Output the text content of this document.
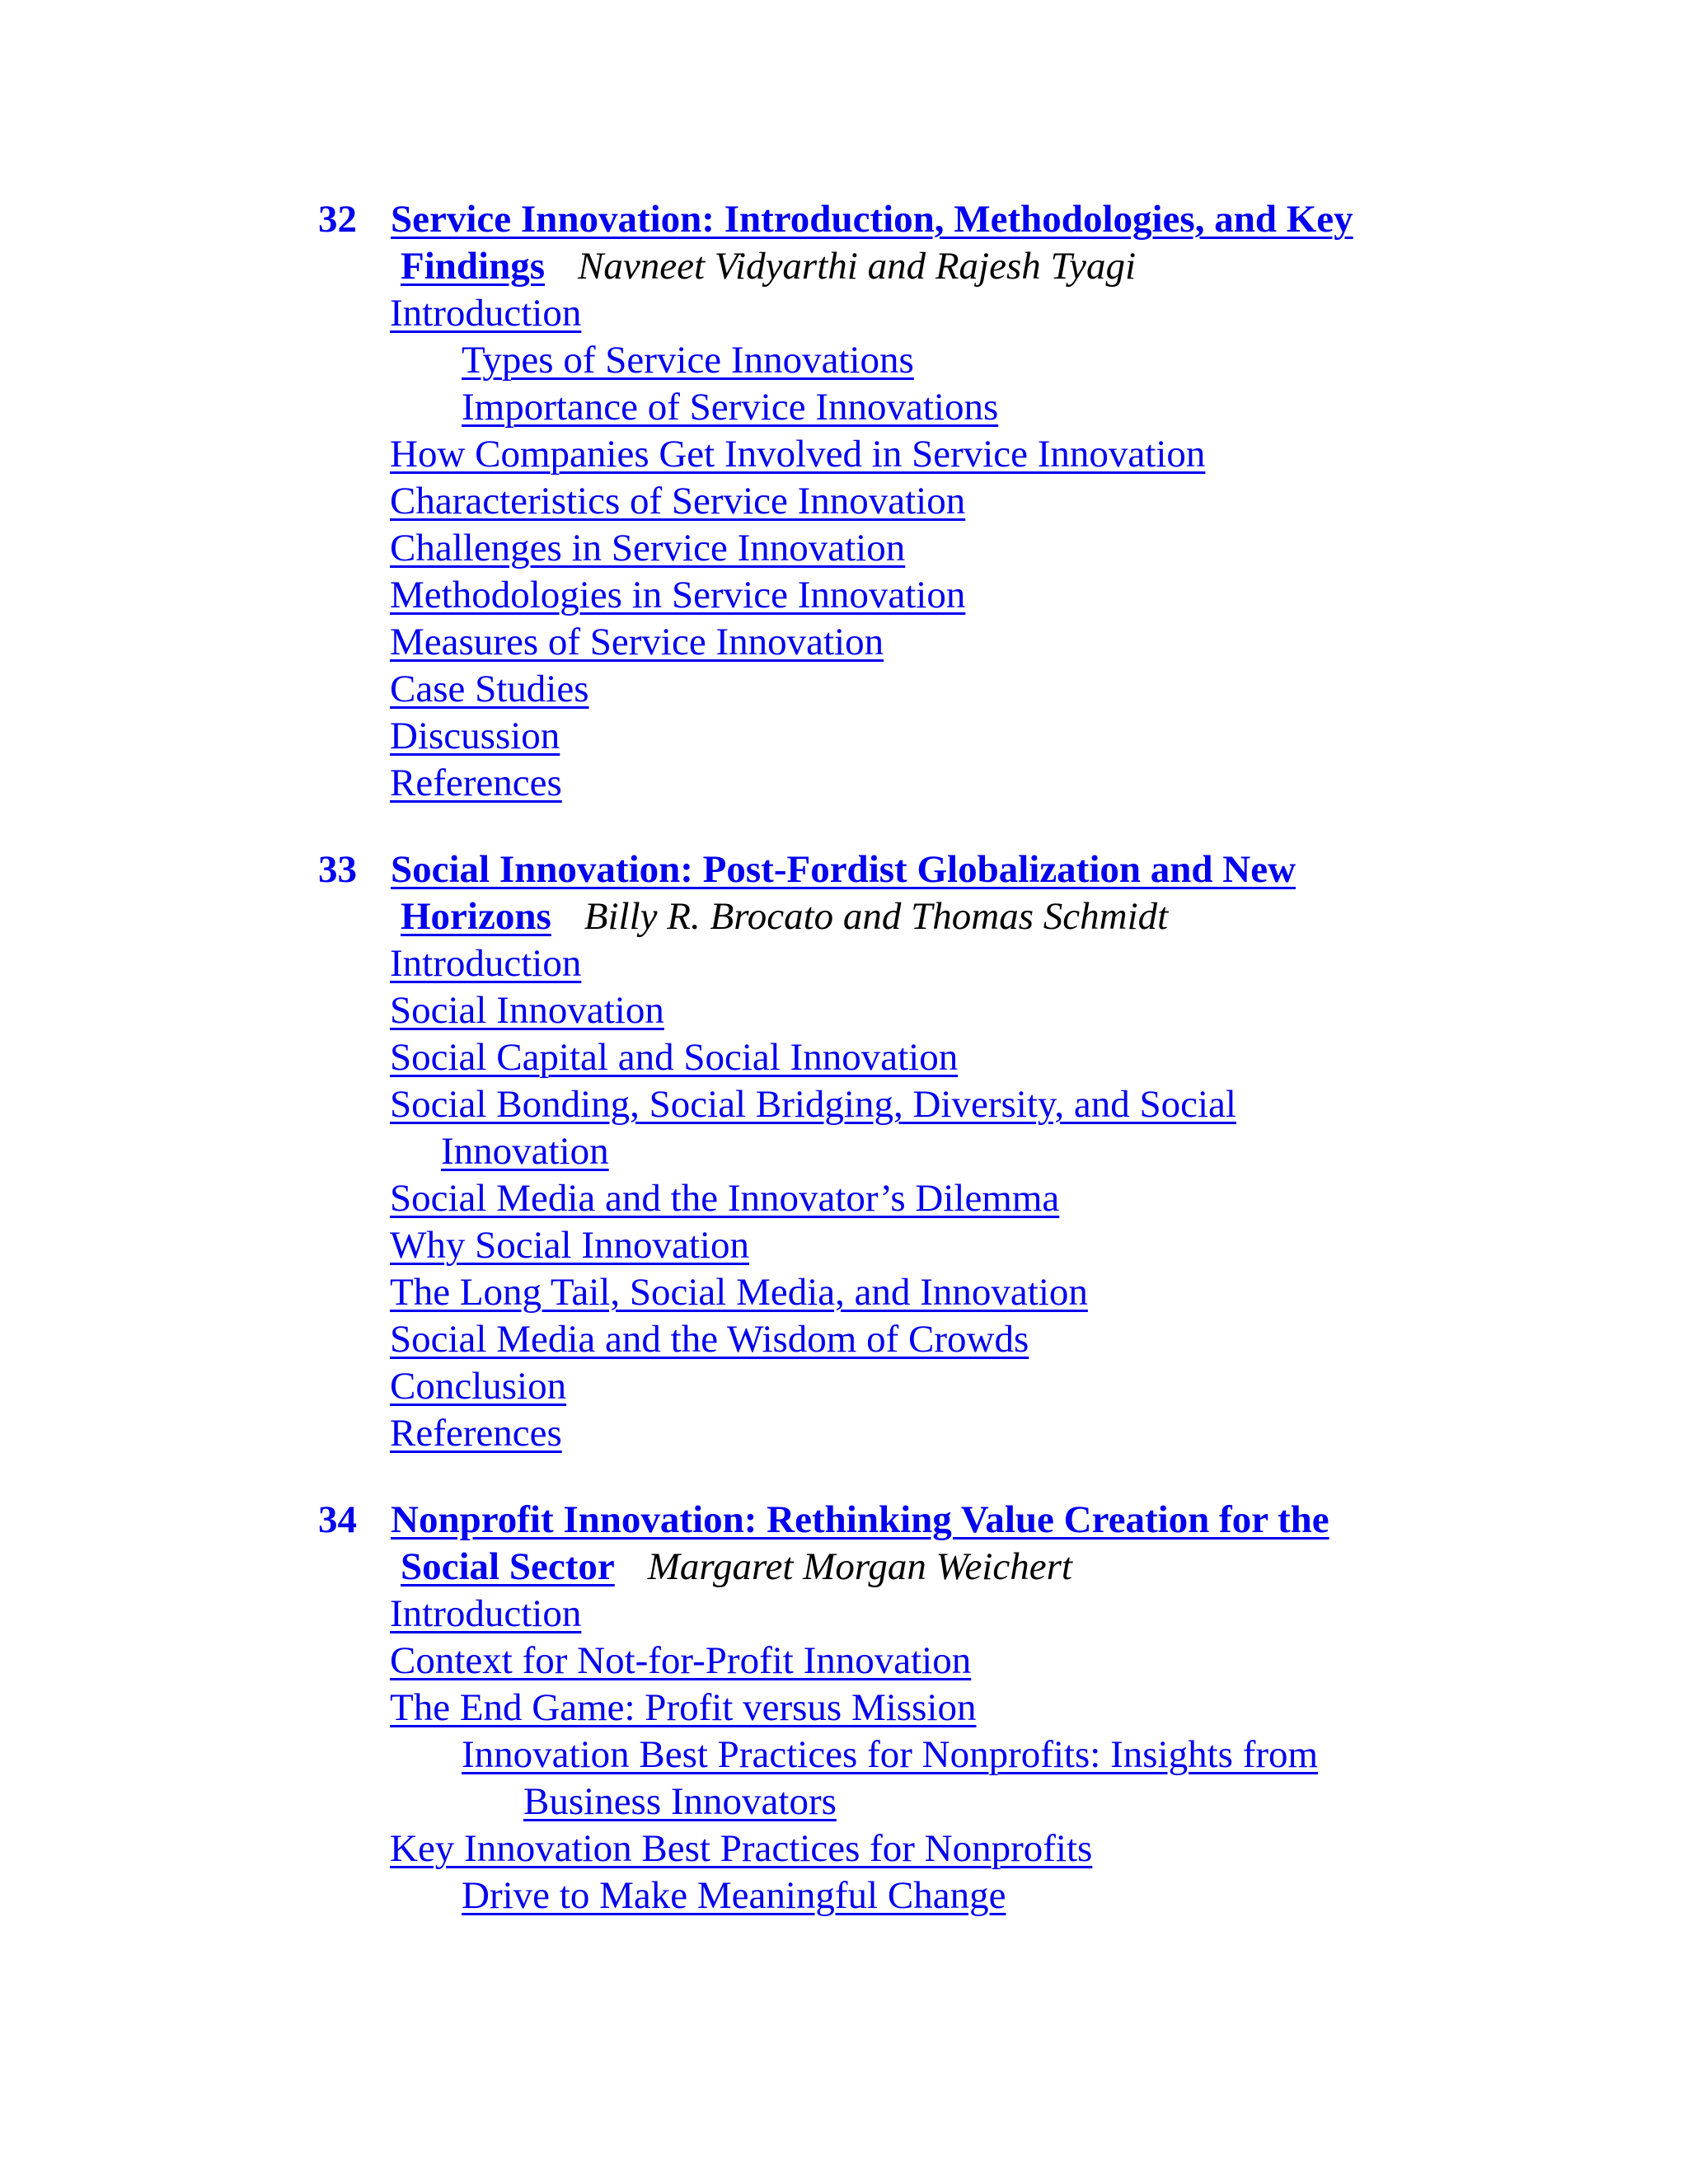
32 Service Innovation: Introduction, Methodologies, and Key
Findings Navneet Vidyarthi and Rajesh Tyagi
Introduction
Types of Service Innovations
Importance of Service Innovations
How Companies Get Involved in Service Innovation
Characteristics of Service Innovation
Challenges in Service Innovation
Methodologies in Service Innovation
Measures of Service Innovation
Case Studies
Discussion
References
33 Social Innovation: Post-Fordist Globalization and New
Horizons Billy R. Brocato and Thomas Schmidt
Introduction
Social Innovation
Social Capital and Social Innovation
Social Bonding, Social Bridging, Diversity, and Social
Innovation
Social Media and the Innovator’s Dilemma
Why Social Innovation
The Long Tail, Social Media, and Innovation
Social Media and the Wisdom of Crowds
Conclusion
References
34 Nonprofit Innovation: Rethinking Value Creation for the
Social Sector Margaret Morgan Weichert
Introduction
Context for Not-for-Profit Innovation
The End Game: Profit versus Mission
Innovation Best Practices for Nonprofits: Insights from
Business Innovators
Key Innovation Best Practices for Nonprofits
Drive to Make Meaningful Change
